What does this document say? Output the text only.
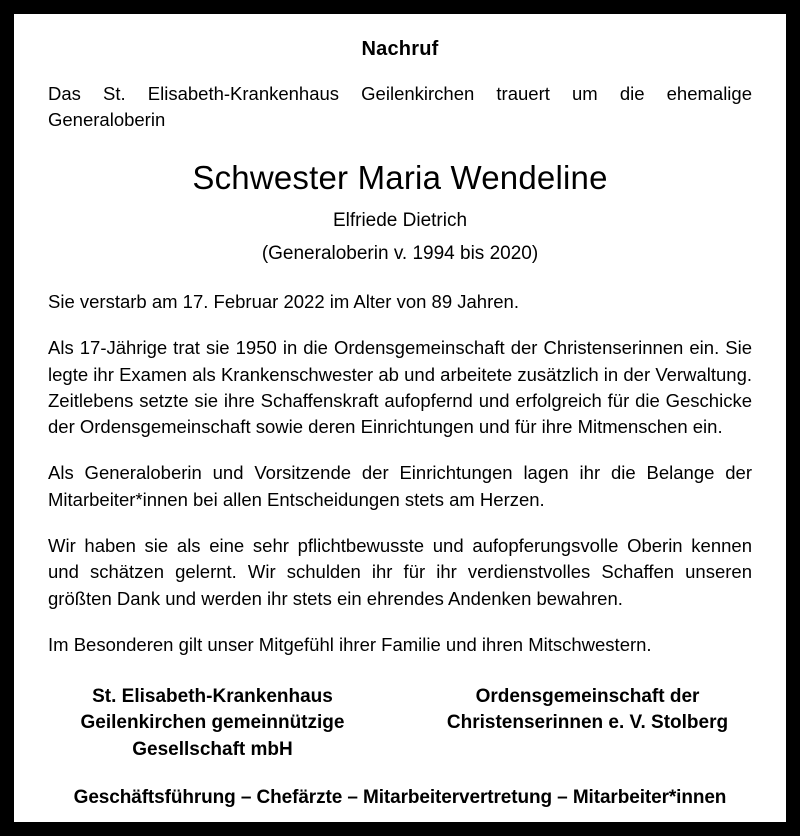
Nachruf

Das St. Elisabeth-Krankenhaus Geilenkirchen trauert um die ehemalige Generaloberin

Schwester Maria Wendeline
Elfriede Dietrich
(Generaloberin v. 1994 bis 2020)

Sie verstarb am 17. Februar 2022 im Alter von 89 Jahren.

Als 17-Jährige trat sie 1950 in die Ordensgemeinschaft der Christenserinnen ein. Sie legte ihr Examen als Krankenschwester ab und arbeitete zusätzlich in der Verwaltung. Zeitlebens setzte sie ihre Schaffenskraft aufopfernd und erfolgreich für die Geschicke der Ordensgemeinschaft sowie deren Einrichtungen und für ihre Mitmenschen ein.

Als Generaloberin und Vorsitzende der Einrichtungen lagen ihr die Belange der Mitarbeiter*innen bei allen Entscheidungen stets am Herzen.

Wir haben sie als eine sehr pflichtbewusste und aufopferungsvolle Oberin kennen und schätzen gelernt. Wir schulden ihr für ihr verdienstvolles Schaffen unseren größten Dank und werden ihr stets ein ehrendes Andenken bewahren.

Im Besonderen gilt unser Mitgefühl ihrer Familie und ihren Mitschwestern.

St. Elisabeth-Krankenhaus Geilenkirchen gemeinnützige Gesellschaft mbH
Ordensgemeinschaft der Christenserinnen e. V. Stolberg
Geschäftsführung – Chefärzte – Mitarbeitervertretung – Mitarbeiter*innen
